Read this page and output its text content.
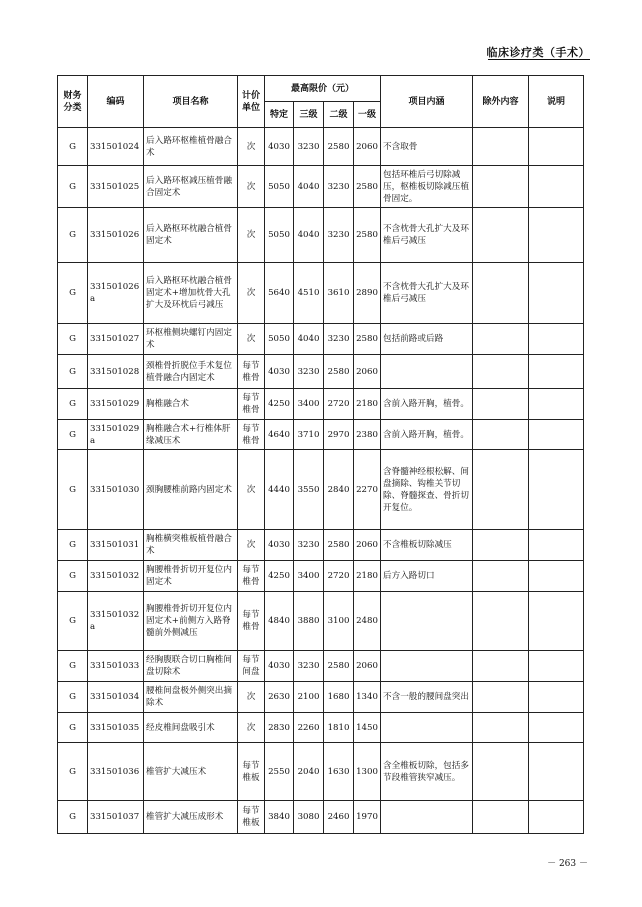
临床诊疗类（手术）
财务分类	编码	项目名称	计价单位	最高限价（元）				项目内涵	除外内容	说明
				特定	三级	二级	一级			
G	331501024	后入路环枢椎植骨融合术	次	4030	3230	2580	2060	不含取骨		
G	331501025	后入路环枢减压植骨融合固定术	次	5050	4040	3230	2580	包括环椎后弓切除减压，枢椎板切除减压植骨固定。		
G	331501026	后入路枢环枕融合植骨固定术	次	5050	4040	3230	2580	不含枕骨大孔扩大及环椎后弓减压		
G	331501026a	后入路枢环枕融合植骨固定术+增加枕骨大孔扩大及环枕后弓减压	次	5640	4510	3610	2890	不含枕骨大孔扩大及环椎后弓减压		
G	331501027	环枢椎侧块螺钉内固定术	次	5050	4040	3230	2580	包括前路或后路		
G	331501028	颈椎骨折脱位手术复位植骨融合内固定术	每节椎骨	4030	3230	2580	2060			
G	331501029	胸椎融合术	每节椎骨	4250	3400	2720	2180	含前入路开胸，植骨。		
G	331501029a	胸椎融合术+行椎体肝缘减压术	每节椎骨	4640	3710	2970	2380	含前入路开胸，植骨。		
G	331501030	颈胸腰椎前路内固定术	次	4440	3550	2840	2270	含脊髓神经根松解、间盘摘除、钩椎关节切除、脊髓探查、骨折切开复位。		
G	331501031	胸椎横突椎板植骨融合术	次	4030	3230	2580	2060	不含椎板切除减压		
G	331501032	胸腰椎骨折切开复位内固定术	每节椎骨	4250	3400	2720	2180	后方入路切口		
G	331501032a	胸腰椎骨折切开复位内固定术+前侧方入路脊髓前外侧减压	每节椎骨	4840	3880	3100	2480			
G	331501033	经胸腹联合切口胸椎间盘切除术	每节间盘	4030	3230	2580	2060			
G	331501034	腰椎间盘极外侧突出摘除术	次	2630	2100	1680	1340	不含一般的腰间盘突出		
G	331501035	经皮椎间盘吸引术	次	2830	2260	1810	1450			
G	331501036	椎管扩大减压术	每节椎板	2550	2040	1630	1300	含全椎板切除，包括多节段椎管狭窄减压。		
G	331501037	椎管扩大减压成形术	每节椎板	3840	3080	2460	1970			
－ 263 －
